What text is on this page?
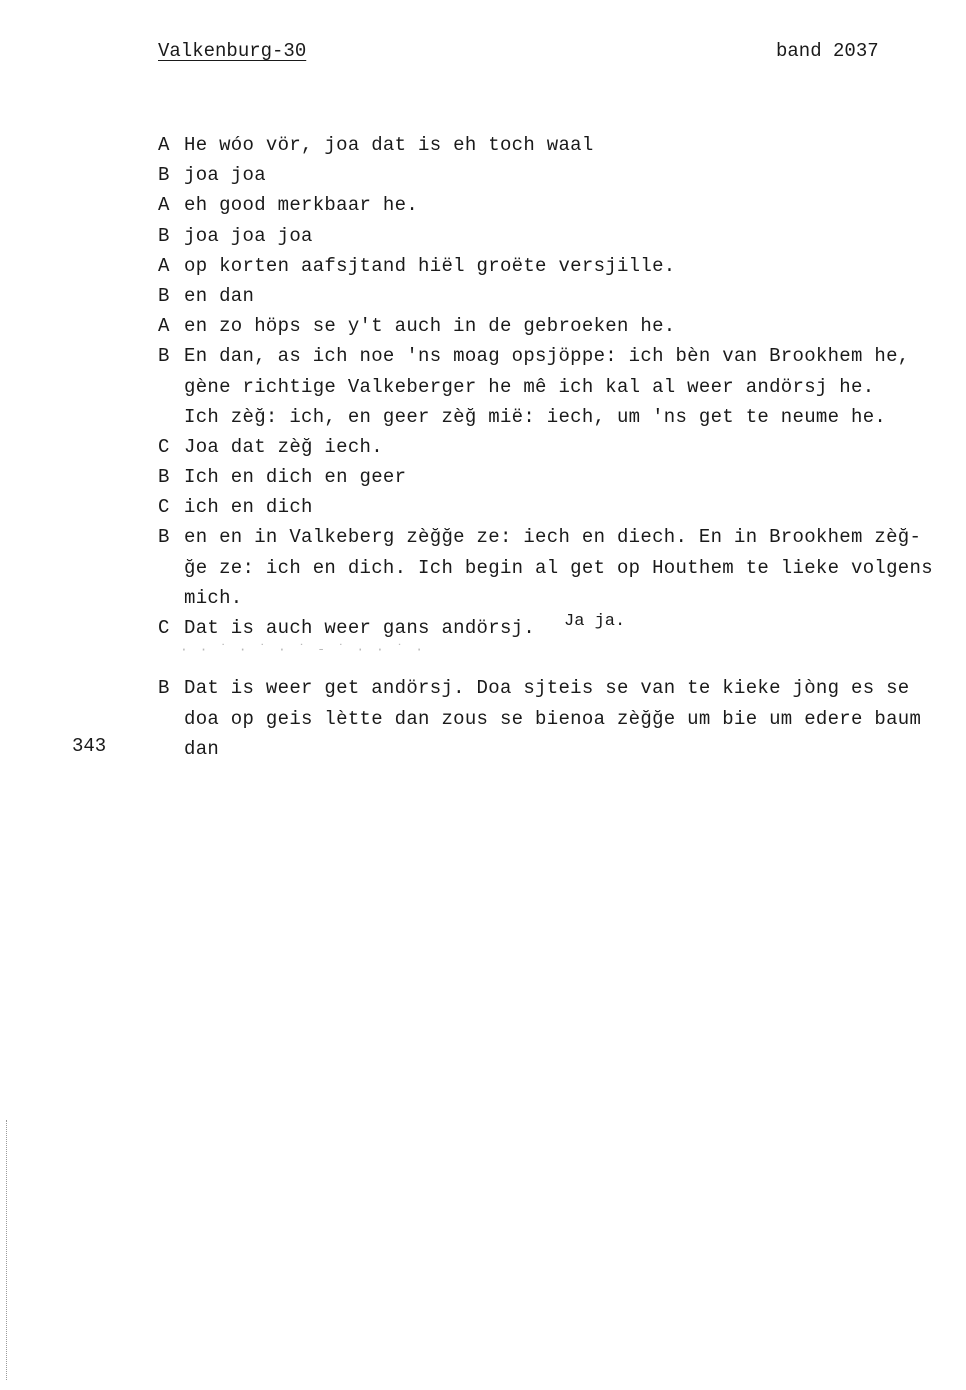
Valkenburg-30	band 2037
A He wóo vör, joa dat is eh toch waal
B joa joa
A eh good merkbaar he.
B joa joa joa
A op korten aafsjtand hiël groëte versjille.
B en dan
A en zo höps se y't auch in de gebroeken he.
B En dan, as ich noe 'ns moag opsjöppe: ich bèn van Brookhem he,
gène richtige Valkeberger he mê ich kal al weer andörsj he.
Ich zèğ: ich, en geer zèğ mië: iech, um 'ns get te neume he.
C Joa dat zèğ iech.
B Ich en dich en geer
C ich en dich
B en en in Valkeberg zèğğe ze: iech en diech. En in Brookhem zèğ-
ğe ze: ich en dich. Ich begin al get op Houthem te lieke volgens
mich.
C Dat is auch weer gans andörsj. Ja ja.
B Dat is weer get andörsj. Doa sjteis se van te kieke jòng es se
doa op geis lètte dan zous se bienoa zèğğe um bie um edere baum
dan
343
· · ˙ · ˙ · ˙ - ˙ · · ˙ ·
